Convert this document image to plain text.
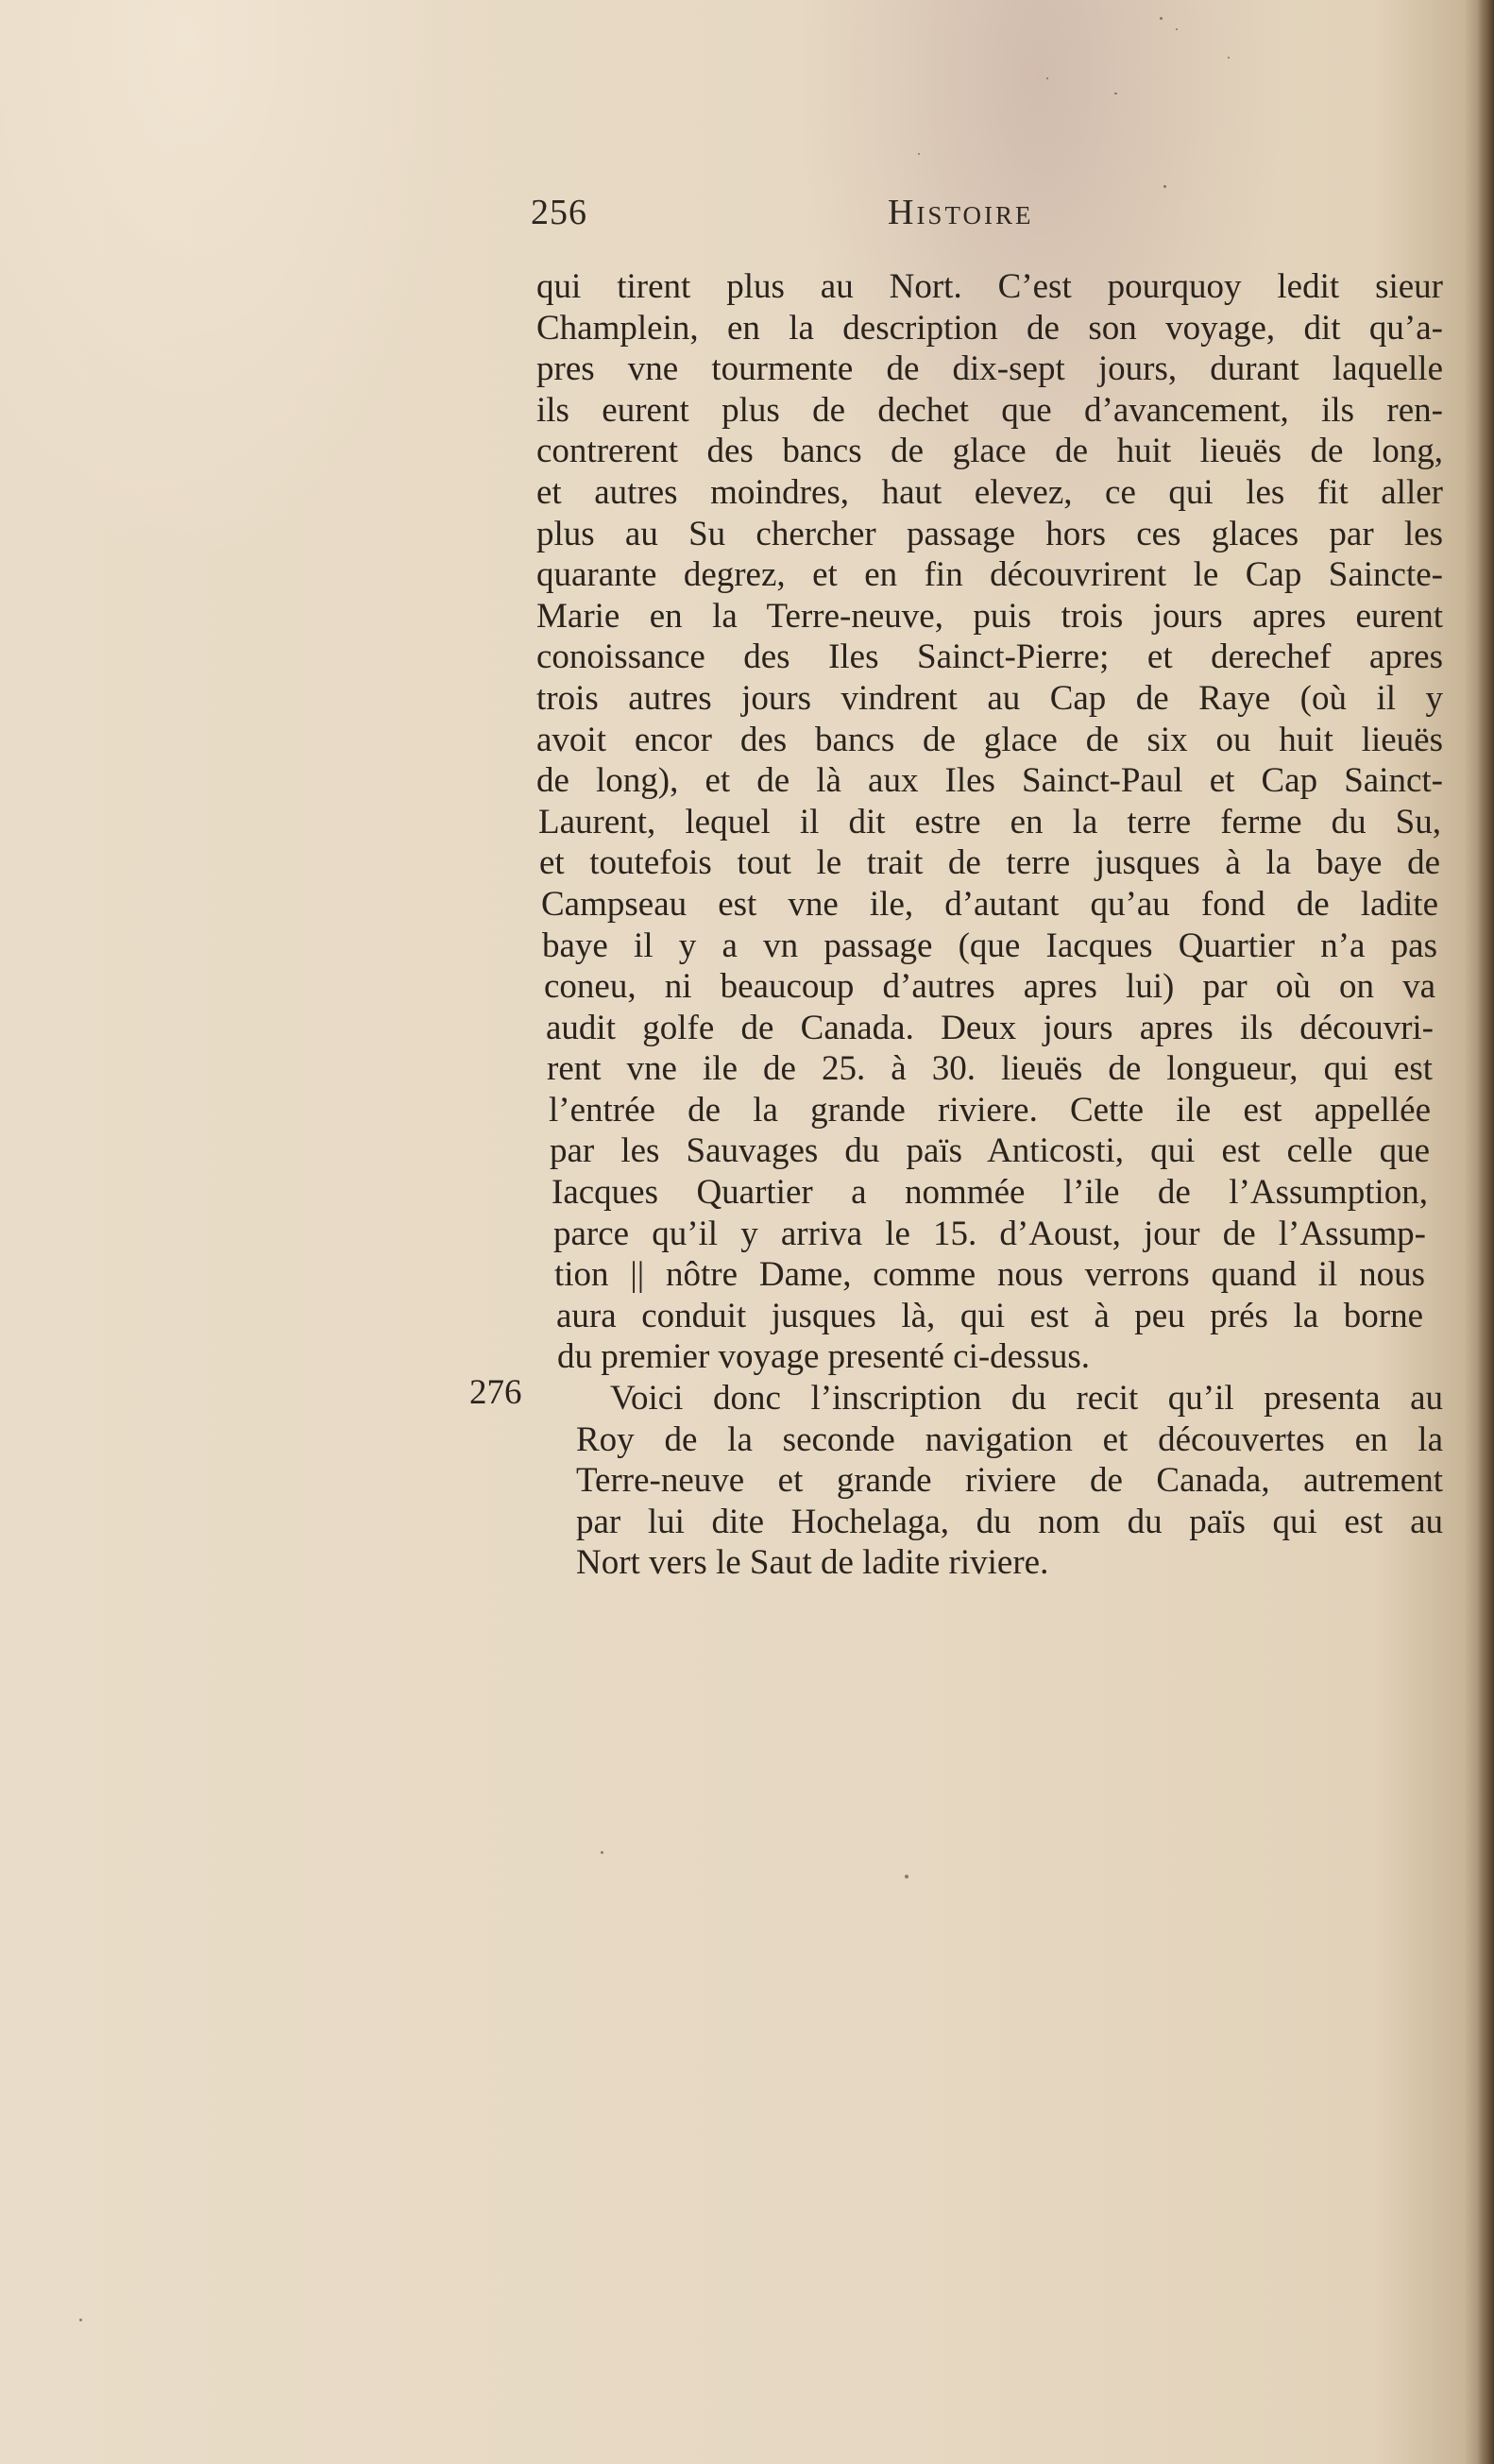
256	Histoire
276
qui tirent plus au Nort. C’est pourquoy ledit sieur
Champlein, en la description de son voyage, dit qu’a-
pres vne tourmente de dix-sept jours, durant laquelle
ils eurent plus de dechet que d’avancement, ils ren-
contrerent des bancs de glace de huit lieuës de long,
et autres moindres, haut elevez, ce qui les fit aller
plus au Su chercher passage hors ces glaces par les
quarante degrez, et en fin découvrirent le Cap Saincte-
Marie en la Terre-neuve, puis trois jours apres eurent
conoissance des Iles Sainct-Pierre; et derechef apres
trois autres jours vindrent au Cap de Raye (où il y
avoit encor des bancs de glace de six ou huit lieuës
de long), et de là aux Iles Sainct-Paul et Cap Sainct-
Laurent, lequel il dit estre en la terre ferme du Su,
et toutefois tout le trait de terre jusques à la baye de
Campseau est vne ile, d’autant qu’au fond de ladite
baye il y a vn passage (que Iacques Quartier n’a pas
coneu, ni beaucoup d’autres apres lui) par où on va
audit golfe de Canada. Deux jours apres ils découvri-
rent vne ile de 25. à 30. lieuës de longueur, qui est
l’entrée de la grande riviere. Cette ile est appellée
par les Sauvages du païs Anticosti, qui est celle que
Iacques Quartier a nommée l’ile de l’Assumption,
parce qu’il y arriva le 15. d’Aoust, jour de l’Assump-
tion || nôtre Dame, comme nous verrons quand il nous
aura conduit jusques là, qui est à peu prés la borne
du premier voyage presenté ci-dessus.
Voici donc l’inscription du recit qu’il presenta au
Roy de la seconde navigation et découvertes en la
Terre-neuve et grande riviere de Canada, autrement
par lui dite Hochelaga, du nom du païs qui est au
Nort vers le Saut de ladite riviere.
